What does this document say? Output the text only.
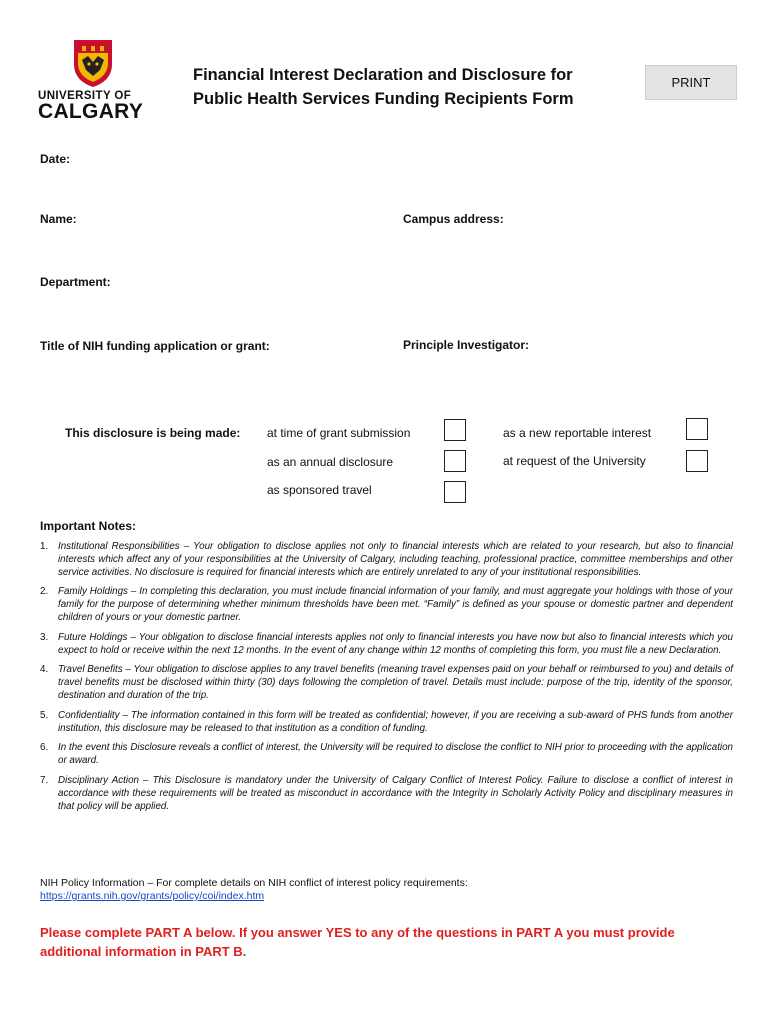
UNIVERSITY OF
CALGARY
Financial Interest Declaration and Disclosure for
Public Health Services Funding Recipients Form
PRINT
Date:
Name:	Campus address:
Department:
Title of NIH funding application or grant:	Principle Investigator:
This disclosure is being made: at time of grant submission	as a new reportable interest
as an annual disclosure	at request of the University
as sponsored travel
Important Notes:
1.	Institutional Responsibilities – Your obligation to disclose applies not only to financial interests which are related to your research, but also to financial interests which affect any of your responsibilities at the University of Calgary, including teaching, professional practice, committee memberships and other service activities. No disclosure is required for financial interests which are entirely unrelated to any of your institutional responsibilities.
2.	Family Holdings – In completing this declaration, you must include financial information of your family, and must aggregate your holdings with those of your family for the purpose of determining whether minimum thresholds have been met. “Family” is defined as your spouse or domestic partner and dependent children of yours or your domestic partner.
3.	Future Holdings – Your obligation to disclose financial interests applies not only to financial interests you have now but also to financial interests which you expect to hold or receive within the next 12 months. In the event of any change within 12 months of completing this form, you must file a new Declaration.
4.	Travel Benefits – Your obligation to disclose applies to any travel benefits (meaning travel expenses paid on your behalf or reimbursed to you) and details of travel benefits must be disclosed within thirty (30) days following the completion of travel. Details must include: purpose of the trip, identity of the sponsor, destination and duration of the trip.
5.	Confidentiality – The information contained in this form will be treated as confidential; however, if you are receiving a sub-award of PHS funds from another institution, this disclosure may be released to that institution as a condition of funding.
6.	In the event this Disclosure reveals a conflict of interest, the University will be required to disclose the conflict to NIH prior to proceeding with the application or award.
7.	Disciplinary Action – This Disclosure is mandatory under the University of Calgary Conflict of Interest Policy. Failure to disclose a conflict of interest in accordance with these requirements will be treated as misconduct in accordance with the Integrity in Scholarly Activity Policy and disciplinary measures in that policy will be applied.
NIH Policy Information – For complete details on NIH conflict of interest policy requirements:
https://grants.nih.gov/grants/policy/coi/index.htm
Please complete PART A below. If you answer YES to any of the questions in PART A you must provide additional information in PART B.
